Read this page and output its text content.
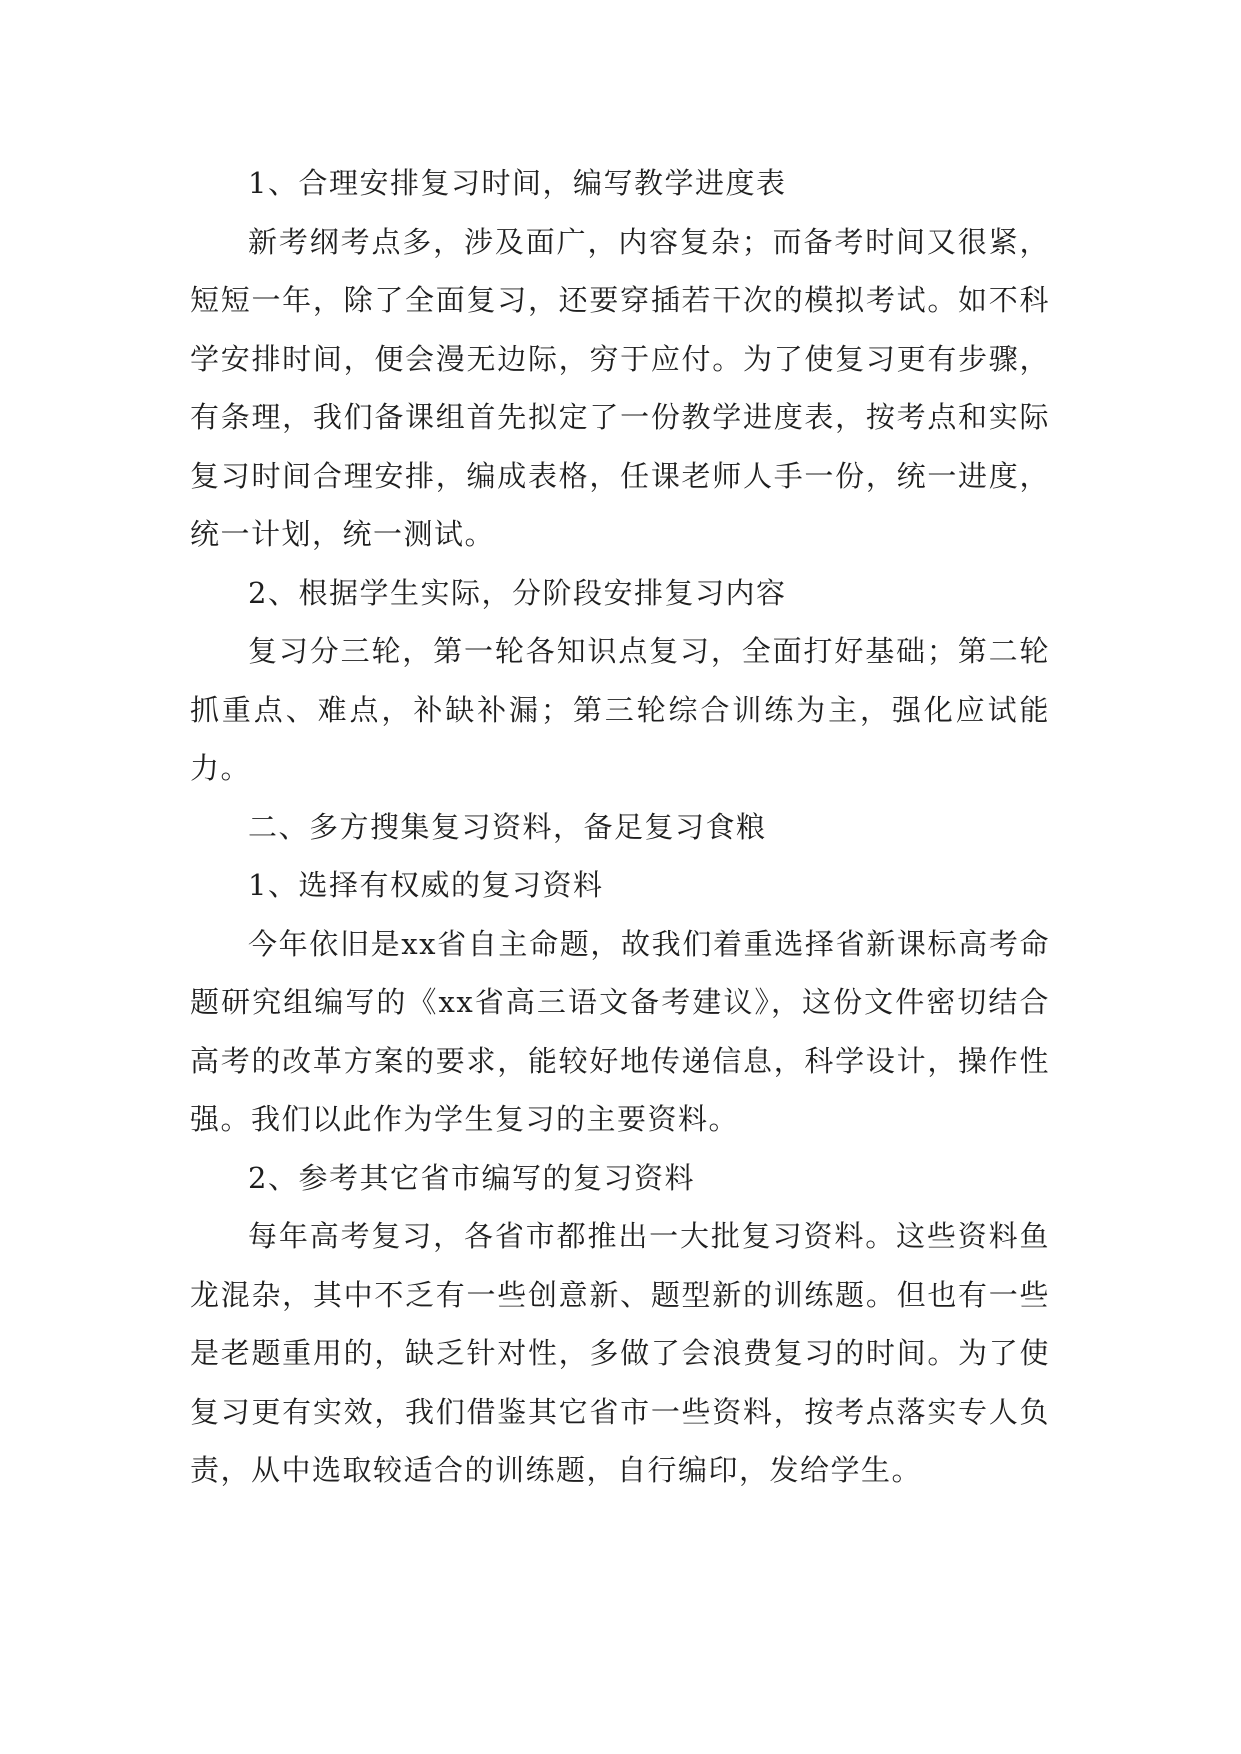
1、合理安排复习时间，编写教学进度表

新考纲考点多，涉及面广，内容复杂；而备考时间又很紧，短短一年，除了全面复习，还要穿插若干次的模拟考试。如不科学安排时间，便会漫无边际，穷于应付。为了使复习更有步骤，有条理，我们备课组首先拟定了一份教学进度表，按考点和实际复习时间合理安排，编成表格，任课老师人手一份，统一进度，统一计划，统一测试。

2、根据学生实际，分阶段安排复习内容

复习分三轮，第一轮各知识点复习，全面打好基础；第二轮抓重点、难点，补缺补漏；第三轮综合训练为主，强化应试能力。

二、多方搜集复习资料，备足复习食粮

1、选择有权威的复习资料

今年依旧是xx省自主命题，故我们着重选择省新课标高考命题研究组编写的《xx省高三语文备考建议》，这份文件密切结合高考的改革方案的要求，能较好地传递信息，科学设计，操作性强。我们以此作为学生复习的主要资料。

2、参考其它省市编写的复习资料

每年高考复习，各省市都推出一大批复习资料。这些资料鱼龙混杂，其中不乏有一些创意新、题型新的训练题。但也有一些是老题重用的，缺乏针对性，多做了会浪费复习的时间。为了使复习更有实效，我们借鉴其它省市一些资料，按考点落实专人负责，从中选取较适合的训练题，自行编印，发给学生。
